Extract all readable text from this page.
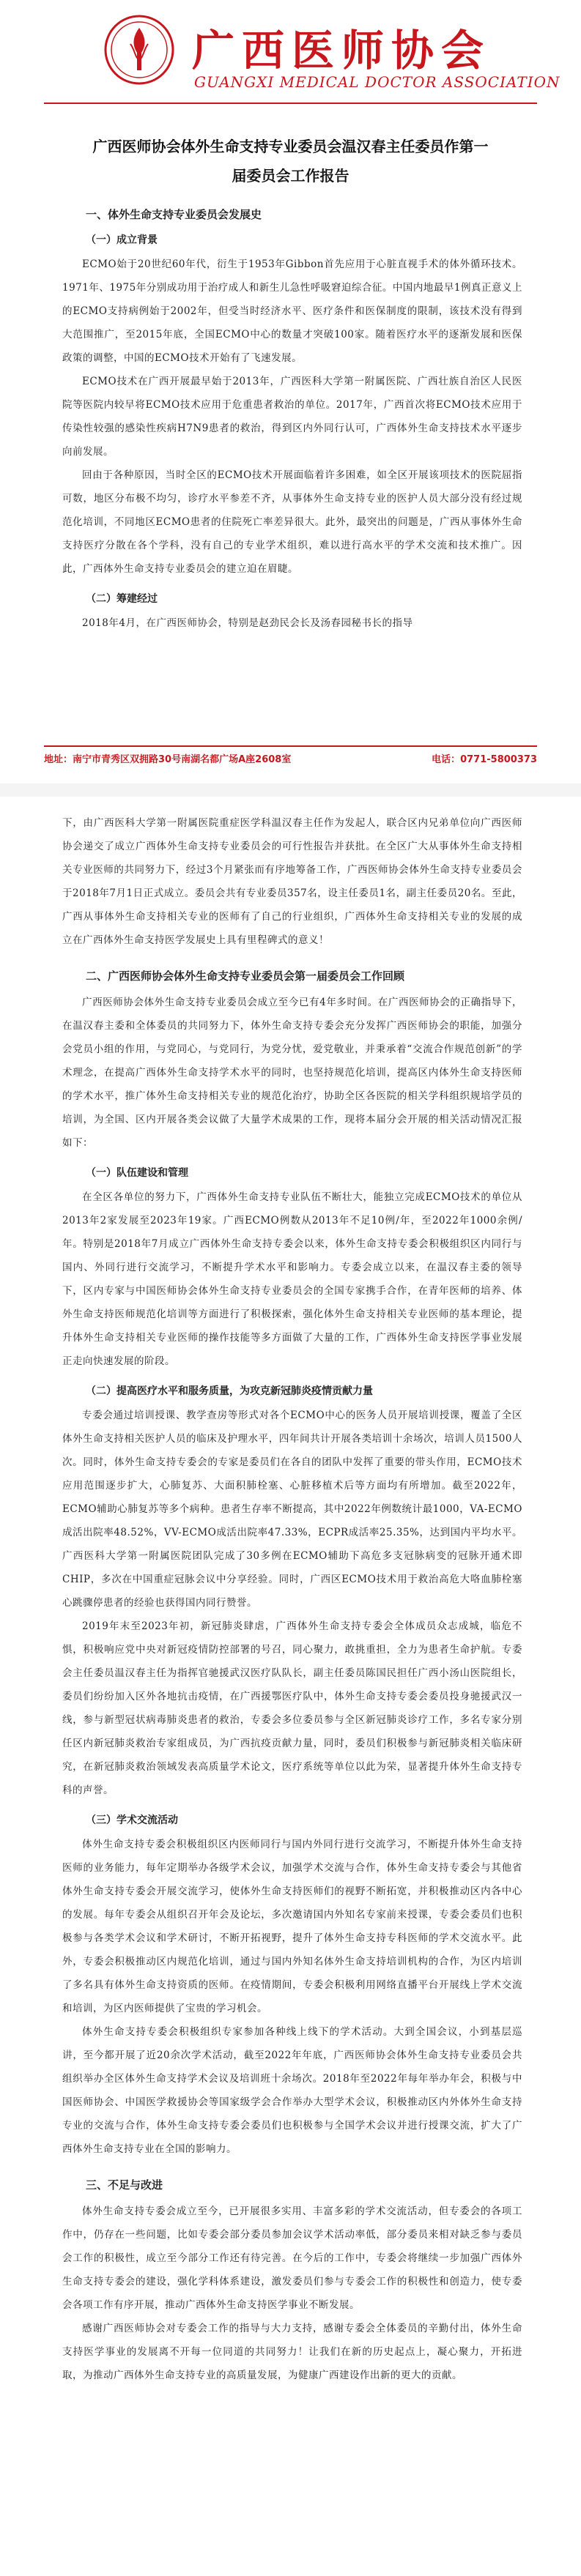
广西医师协会
GUANGXI MEDICAL DOCTOR ASSOCIATION
广西医师协会体外生命支持专业委员会温汉春主任委员作第一届委员会工作报告
一、体外生命支持专业委员会发展史
（一）成立背景

ECMO始于20世纪60年代，衍生于1953年Gibbon首先应用于心脏直视手术的体外循环技术。1971年、1975年分别成功用于治疗成人和新生儿急性呼吸窘迫综合征。中国内地最早1例真正意义上的ECMO支持病例始于2002年，但受当时经济水平、医疗条件和医保制度的限制，该技术没有得到大范围推广，至2015年底，全国ECMO中心的数量才突破100家。随着医疗水平的逐渐发展和医保政策的调整，中国的ECMO技术开始有了飞速发展。

ECMO技术在广西开展最早始于2013年，广西医科大学第一附属医院、广西壮族自治区人民医院等医院内较早将ECMO技术应用于危重患者救治的单位。2017年，广西首次将ECMO技术应用于传染性较强的感染性疾病H7N9患者的救治，得到区内外同行认可，广西体外生命支持技术水平逐步向前发展。

回由于各种原因，当时全区的ECMO技术开展面临着许多困难，如全区开展该项技术的医院屈指可数，地区分布极不均匀，诊疗水平参差不齐，从事体外生命支持专业的医护人员大部分没有经过规范化培训，不同地区ECMO患者的住院死亡率差异很大。此外，最突出的问题是，广西从事体外生命支持医疗分散在各个学科，没有自己的专业学术组织，难以进行高水平的学术交流和技术推广。因此，广西体外生命支持专业委员会的建立迫在眉睫。

（二）筹建经过

2018年4月，在广西医师协会，特别是赵劲民会长及汤春园秘书长的指导

地址：南宁市青秀区双拥路30号南湖名都广场A座2608室	电话：0771-5800373

下，由广西医科大学第一附属医院重症医学科温汉春主任作为发起人，联合区内兄弟单位向广西医师协会递交了成立广西体外生命支持专业委员会的可行性报告并获批。在全区广大从事体外生命支持相关专业医师的共同努力下，经过3个月紧张而有序地筹备工作，广西医师协会体外生命支持专业委员会于2018年7月1日正式成立。委员会共有专业委员357名，设主任委员1名，副主任委员20名。至此，广西从事体外生命支持相关专业的医师有了自己的行业组织，广西体外生命支持相关专业的发展的成立在广西体外生命支持医学发展史上具有里程碑式的意义！

二、广西医师协会体外生命支持专业委员会第一届委员会工作回顾

广西医师协会体外生命支持专业委员会成立至今已有4年多时间。在广西医师协会的正确指导下，在温汉春主委和全体委员的共同努力下，体外生命支持专委会充分发挥广西医师协会的职能，加强分会党员小组的作用，与党同心，与党同行，为党分忧，爱党敬业，并秉承着“交流合作规范创新”的学术理念，在提高广西体外生命支持学术水平的同时，也坚持规范化培训，提高区内体外生命支持医师的学术水平，推广体外生命支持相关专业的规范化治疗，协助全区各医院的相关学科组织规培学员的培训，为全国、区内开展各类会议做了大量学术成果的工作，现将本届分会开展的相关活动情况汇报如下：

（一）队伍建设和管理

在全区各单位的努力下，广西体外生命支持专业队伍不断壮大，能独立完成ECMO技术的单位从2013年2家发展至2023年19家。广西ECMO例数从2013年不足10例/年，至2022年1000余例/年。特别是2018年7月成立广西体外生命支持专委会以来，体外生命支持专委会积极组织区内同行与国内、外同行进行交流学习，不断提升学术水平和影响力。专委会成立以来，在温汉春主委的领导下，区内专家与中国医师协会体外生命支持专业委员会的全国专家携手合作，在青年医师的培养、体外生命支持医师规范化培训等方面进行了积极探索，强化体外生命支持相关专业医师的基本理论，提升体外生命支持相关专业医师的操作技能等多方面做了大量的工作，广西体外生命支持医学事业发展正走向快速发展的阶段。

（二）提高医疗水平和服务质量，为攻克新冠肺炎疫情贡献力量

专委会通过培训授课、教学查房等形式对各个ECMO中心的医务人员开展培训授课，覆盖了全区体外生命支持相关医护人员的临床及护理水平，四年间共计开展各类培训十余场次，培训人员1500人次。同时，体外生命支持专委会的专家是委员们在各自的团队中发挥了重要的带头作用，ECMO技术应用范围逐步扩大，心肺复苏、大面积肺栓塞、心脏移植术后等方面均有所增加。截至2022年，ECMO辅助心肺复苏等多个病种。患者生存率不断提高，其中2022年例数统计最1000，VA-ECMO成活出院率48.52%，VV-ECMO成活出院率47.33%，ECPR成活率25.35%，达到国内平均水平。广西医科大学第一附属医院团队完成了30多例在ECMO辅助下高危多支冠脉病变的冠脉开通术即CHIP，多次在中国重症冠脉会议中分享经验。同时，广西区ECMO技术用于救治高危大咯血肺栓塞心跳骤停患者的经验也获得国内同行赞誉。

2019年末至2023年初，新冠肺炎肆虐，广西体外生命支持专委会全体成员众志成城，临危不惧，积极响应党中央对新冠疫情防控部署的号召，同心聚力，敢挑重担，全力为患者生命护航。专委会主任委员温汉春主任为指挥官驰援武汉医疗队队长，副主任委员陈国民担任广西小汤山医院组长，委员们纷纷加入区外各地抗击疫情，在广西援鄂医疗队中，体外生命支持专委会委员投身驰援武汉一线，参与新型冠状病毒肺炎患者的救治，专委会多位委员参与全区新冠肺炎诊疗工作，多名专家分别任区内新冠肺炎救治专家组成员，为广西抗疫贡献力量，同时，委员们积极参与新冠肺炎相关临床研究，在新冠肺炎救治领域发表高质量学术论文，医疗系统等单位以此为荣，显著提升体外生命支持专科的声誉。

（三）学术交流活动

体外生命支持专委会积极组织区内医师同行与国内外同行进行交流学习，不断提升体外生命支持医师的业务能力，每年定期举办各级学术会议，加强学术交流与合作，体外生命支持专委会与其他省体外生命支持专委会开展交流学习，使体外生命支持医师们的视野不断拓宽，并积极推动区内各中心的发展。每年专委会从组织召开年会及论坛，多次邀请国内外知名专家前来授课，专委会委员们也积极参与各类学术会议和学术研讨，不断开拓视野，提升了体外生命支持专科医师的学术交流水平。此外，专委会积极推动区内规范化培训，通过与国内外知名体外生命支持培训机构的合作，为区内培训了多名具有体外生命支持资质的医师。在疫情期间，专委会积极利用网络直播平台开展线上学术交流和培训，为区内医师提供了宝贵的学习机会。

体外生命支持专委会积极组织专家参加各种线上线下的学术活动。大到全国会议，小到基层巡讲，至今都开展了近20余次学术活动，截至2022年年底，广西医师协会体外生命支持专业委员会共组织举办全区体外生命支持学术会议及培训班十余场次。2018年至2022年每年举办年会，积极与中国医师协会、中国医学救援协会等国家级学会合作举办大型学术会议，积极推动区内外体外生命支持专业的交流与合作，体外生命支持专委会委员们也积极参与全国学术会议并进行授课交流，扩大了广西体外生命支持专业在全国的影响力。

三、不足与改进

体外生命支持专委会成立至今，已开展很多实用、丰富多彩的学术交流活动，但专委会的各项工作中，仍存在一些问题，比如专委会部分委员参加会议学术活动率低，部分委员来相对缺乏参与委员会工作的积极性，成立至今部分工作还有待完善。在今后的工作中，专委会将继续一步加强广西体外生命支持专委会的建设，强化学科体系建设，激发委员们参与专委会工作的积极性和创造力，使专委会各项工作有序开展，推动广西体外生命支持医学事业不断发展。

感谢广西医师协会对专委会工作的指导与大力支持，感谢专委会全体委员的辛勤付出，体外生命支持医学事业的发展离不开每一位同道的共同努力！让我们在新的历史起点上，凝心聚力，开拓进取，为推动广西体外生命支持专业的高质量发展，为健康广西建设作出新的更大的贡献。
